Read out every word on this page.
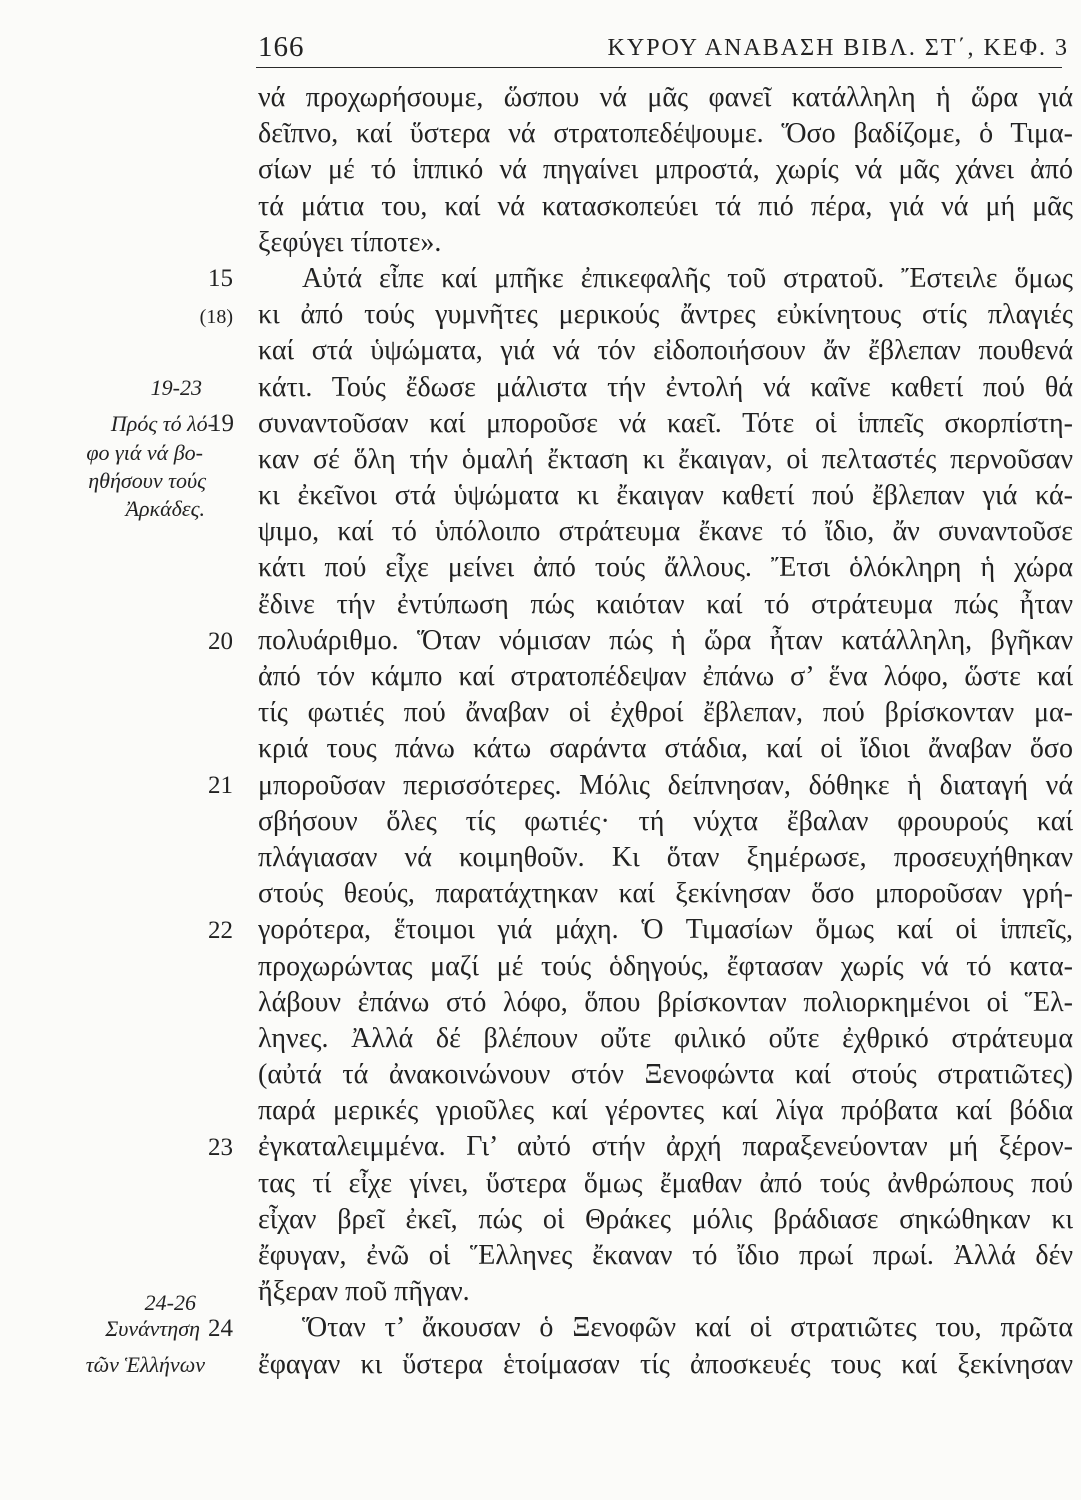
166	ΚΥΡΟΥ ΑΝΑΒΑΣΗ ΒΙΒΛ. ΣΤ΄, ΚΕΦ. 3
νά προχωρήσουμε, ὥσπου νά μᾶς φανεῖ κατάλληλη ἡ ὥρα γιά
δεῖπνο, καί ὕστερα νά στρατοπεδέψουμε. Ὅσο βαδίζομε, ὁ Τιμα-
σίων μέ τό ἱππικό νά πηγαίνει μπροστά, χωρίς νά μᾶς χάνει ἀπό
τά μάτια του, καί νά κατασκοπεύει τά πιό πέρα, γιά νά μή μᾶς
ξεφύγει τίποτε».
Αὐτά εἶπε καί μπῆκε ἐπικεφαλῆς τοῦ στρατοῦ. Ἔστειλε ὅμως
κι ἀπό τούς γυμνῆτες μερικούς ἄντρες εὐκίνητους στίς πλαγιές
καί στά ὑψώματα, γιά νά τόν εἰδοποιήσουν ἄν ἔβλεπαν πουθενά
κάτι. Τούς ἔδωσε μάλιστα τήν ἐντολή νά καῖνε καθετί πού θά
συναντοῦσαν καί μποροῦσε νά καεῖ. Τότε οἱ ἱππεῖς σκορπίστη-
καν σέ ὅλη τήν ὁμαλή ἔκταση κι ἔκαιγαν, οἱ πελταστές περνοῦσαν
κι ἐκεῖνοι στά ὑψώματα κι ἔκαιγαν καθετί πού ἔβλεπαν γιά κά-
ψιμο, καί τό ὑπόλοιπο στράτευμα ἔκανε τό ἴδιο, ἄν συναντοῦσε
κάτι πού εἶχε μείνει ἀπό τούς ἄλλους. Ἔτσι ὁλόκληρη ἡ χώρα
ἔδινε τήν ἐντύπωση πώς καιόταν καί τό στράτευμα πώς ἦταν
πολυάριθμο. Ὅταν νόμισαν πώς ἡ ὥρα ἦταν κατάλληλη, βγῆκαν
ἀπό τόν κάμπο καί στρατοπέδεψαν ἐπάνω σ’ ἕνα λόφο, ὥστε καί
τίς φωτιές πού ἄναβαν οἱ ἐχθροί ἔβλεπαν, πού βρίσκονταν μα-
κριά τους πάνω κάτω σαράντα στάδια, καί οἱ ἴδιοι ἄναβαν ὅσο
μποροῦσαν περισσότερες. Μόλις δείπνησαν, δόθηκε ἡ διαταγή νά
σβήσουν ὅλες τίς φωτιές· τή νύχτα ἔβαλαν φρουρούς καί
πλάγιασαν νά κοιμηθοῦν. Κι ὅταν ξημέρωσε, προσευχήθηκαν
στούς θεούς, παρατάχτηκαν καί ξεκίνησαν ὅσο μποροῦσαν γρή-
γορότερα, ἕτοιμοι γιά μάχη. Ὁ Τιμασίων ὅμως καί οἱ ἱππεῖς,
προχωρώντας μαζί μέ τούς ὁδηγούς, ἔφτασαν χωρίς νά τό κατα-
λάβουν ἐπάνω στό λόφο, ὅπου βρίσκονταν πολιορκημένοι οἱ Ἕλ-
ληνες. Ἀλλά δέ βλέπουν οὔτε φιλικό οὔτε ἐχθρικό στράτευμα
(αὐτά τά ἀνακοινώνουν στόν Ξενοφώντα καί στούς στρατιῶτες)
παρά μερικές γριοῦλες καί γέροντες καί λίγα πρόβατα καί βόδια
ἐγκαταλειμμένα. Γι’ αὐτό στήν ἀρχή παραξενεύονταν μή ξέρον-
τας τί εἶχε γίνει, ὕστερα ὅμως ἔμαθαν ἀπό τούς ἀνθρώπους πού
εἶχαν βρεῖ ἐκεῖ, πώς οἱ Θράκες μόλις βράδιασε σηκώθηκαν κι
ἔφυγαν, ἐνῶ οἱ Ἕλληνες ἔκαναν τό ἴδιο πρωί πρωί. Ἀλλά δέν
ἤξεραν ποῦ πῆγαν.
Ὅταν τ’ ἄκουσαν ὁ Ξενοφῶν καί οἱ στρατιῶτες του, πρῶτα
ἔφαγαν κι ὕστερα ἑτοίμασαν τίς ἀποσκευές τους καί ξεκίνησαν
15
(18)
19
20
21
22
23
24
19-23
Πρός τό λό-
φο γιά νά βο-
ηθήσουν τούς
Ἀρκάδες.
24-26
Συνάντηση
τῶν Ἑλλήνων
